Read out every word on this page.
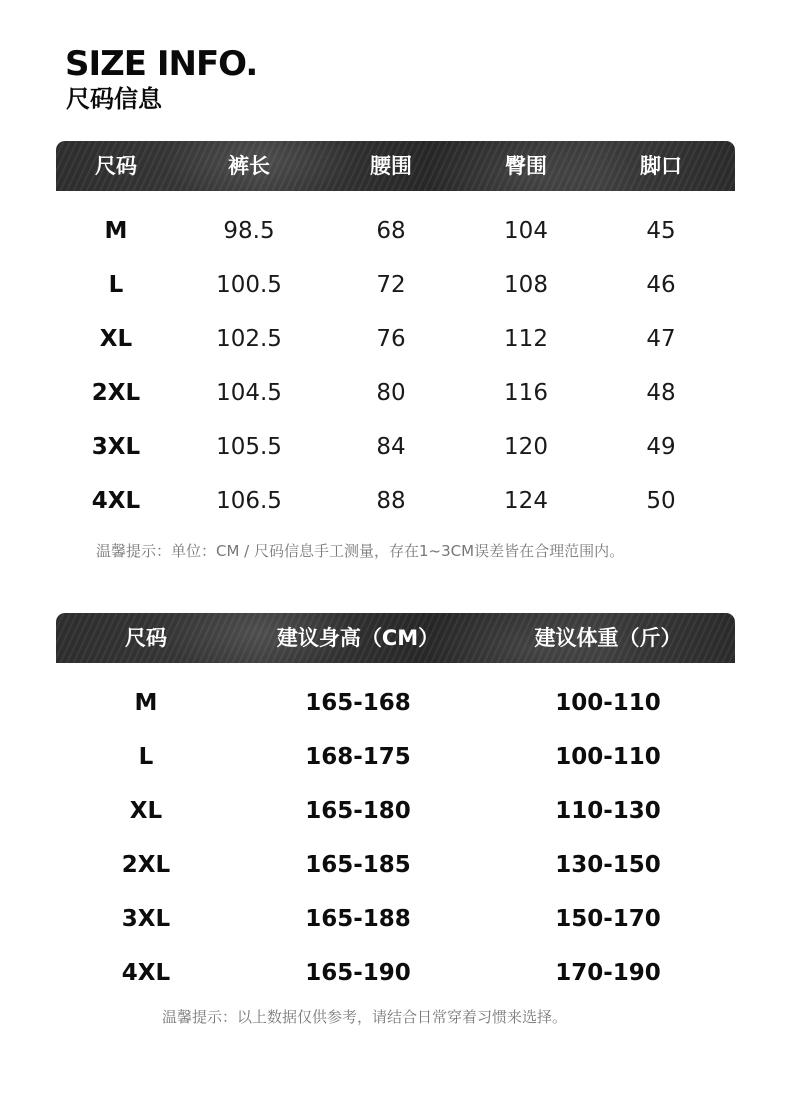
SIZE INFO.
尺码信息
尺码	裤长	腰围	臀围	脚口
M	98.5	68	104	45
L	100.5	72	108	46
XL	102.5	76	112	47
2XL	104.5	80	116	48
3XL	105.5	84	120	49
4XL	106.5	88	124	50
温馨提示：单位：CM / 尺码信息手工测量，存在1~3CM误差皆在合理范围内。
尺码	建议身高（CM）	建议体重（斤）
M	165-168	100-110
L	168-175	100-110
XL	165-180	110-130
2XL	165-185	130-150
3XL	165-188	150-170
4XL	165-190	170-190
温馨提示：以上数据仅供参考，请结合日常穿着习惯来选择。
